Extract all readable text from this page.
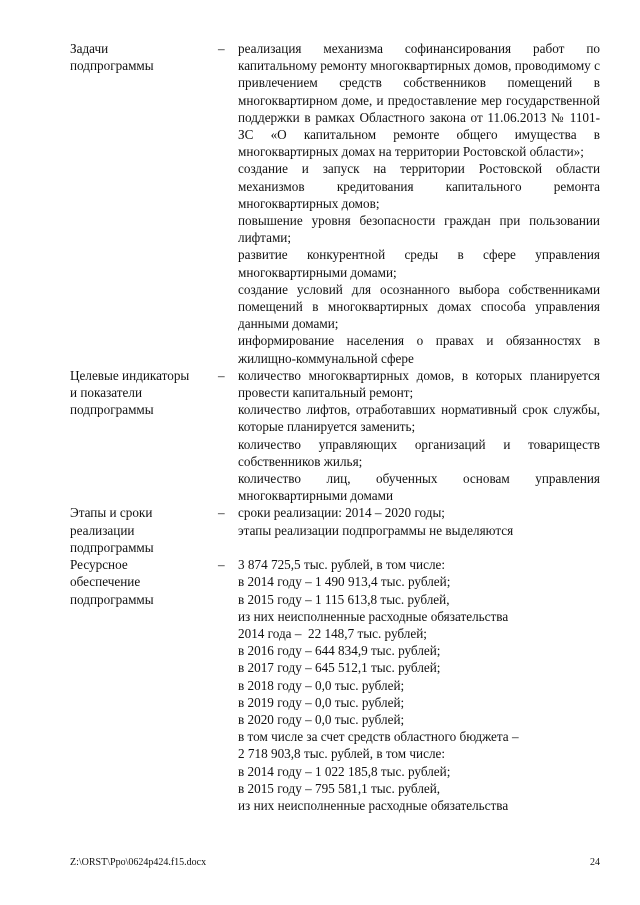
Задачи
подпрограммы
–	реализация механизма софинансирования работ по капитальному ремонту многоквартирных домов, проводимому с привлечением средств собственников помещений в многоквартирном доме, и предоставление мер государственной поддержки в рамках Областного закона от 11.06.2013 № 1101-ЗС «О капитальном ремонте общего имущества в многоквартирных домах на территории Ростовской области»;

создание и запуск на территории Ростовской области механизмов кредитования капитального ремонта многоквартирных домов;

повышение уровня безопасности граждан при пользовании лифтами;

развитие конкурентной среды в сфере управления многоквартирными домами;

создание условий для осознанного выбора собственниками помещений в многоквартирных домах способа управления данными домами;

информирование населения о правах и обязанностях в жилищно-коммунальной сфере

Целевые индикаторы
и показатели
подпрограммы
–	количество многоквартирных домов, в которых планируется провести капитальный ремонт;

количество лифтов, отработавших нормативный срок службы, которые планируется заменить;

количество управляющих организаций и товариществ собственников жилья;

количество лиц, обученных основам управления многоквартирными домами

Этапы и сроки
реализации
подпрограммы
–	сроки реализации: 2014 – 2020 годы;

этапы реализации подпрограммы не выделяются

Ресурсное
обеспечение
подпрограммы
–	3 874 725,5 тыс. рублей, в том числе:
в 2014 году – 1 490 913,4 тыс. рублей;
в 2015 году – 1 115 613,8 тыс. рублей,
из них неисполненные расходные обязательства
2014 года –  22 148,7 тыс. рублей;
в 2016 году – 644 834,9 тыс. рублей;
в 2017 году – 645 512,1 тыс. рублей;
в 2018 году – 0,0 тыс. рублей;
в 2019 году – 0,0 тыс. рублей;
в 2020 году – 0,0 тыс. рублей;
в том числе за счет средств областного бюджета –
2 718 903,8 тыс. рублей, в том числе:
в 2014 году – 1 022 185,8 тыс. рублей;
в 2015 году – 795 581,1 тыс. рублей,
из них неисполненные расходные обязательства
Z:\ORST\Ppo\0624p424.f15.docx	24
